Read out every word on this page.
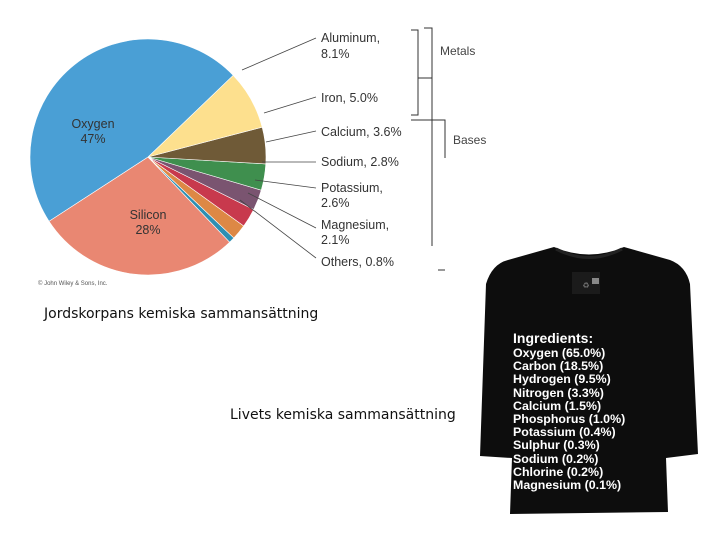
Oxygen
47%
Silicon
28%
Aluminum,
8.1%
Iron, 5.0%
Calcium, 3.6%
Sodium, 2.8%
Potassium,
2.6%
Magnesium,
2.1%
Others, 0.8%
Metals
Bases
© John Wiley & Sons, Inc.

Jordskorpans kemiska sammansättning

Livets kemiska sammansättning

♻
Ingredients:
Oxygen (65.0%)
Carbon (18.5%)
Hydrogen (9.5%)
Nitrogen (3.3%)
Calcium (1.5%)
Phosphorus (1.0%)
Potassium (0.4%)
Sulphur (0.3%)
Sodium (0.2%)
Chlorine (0.2%)
Magnesium (0.1%)
